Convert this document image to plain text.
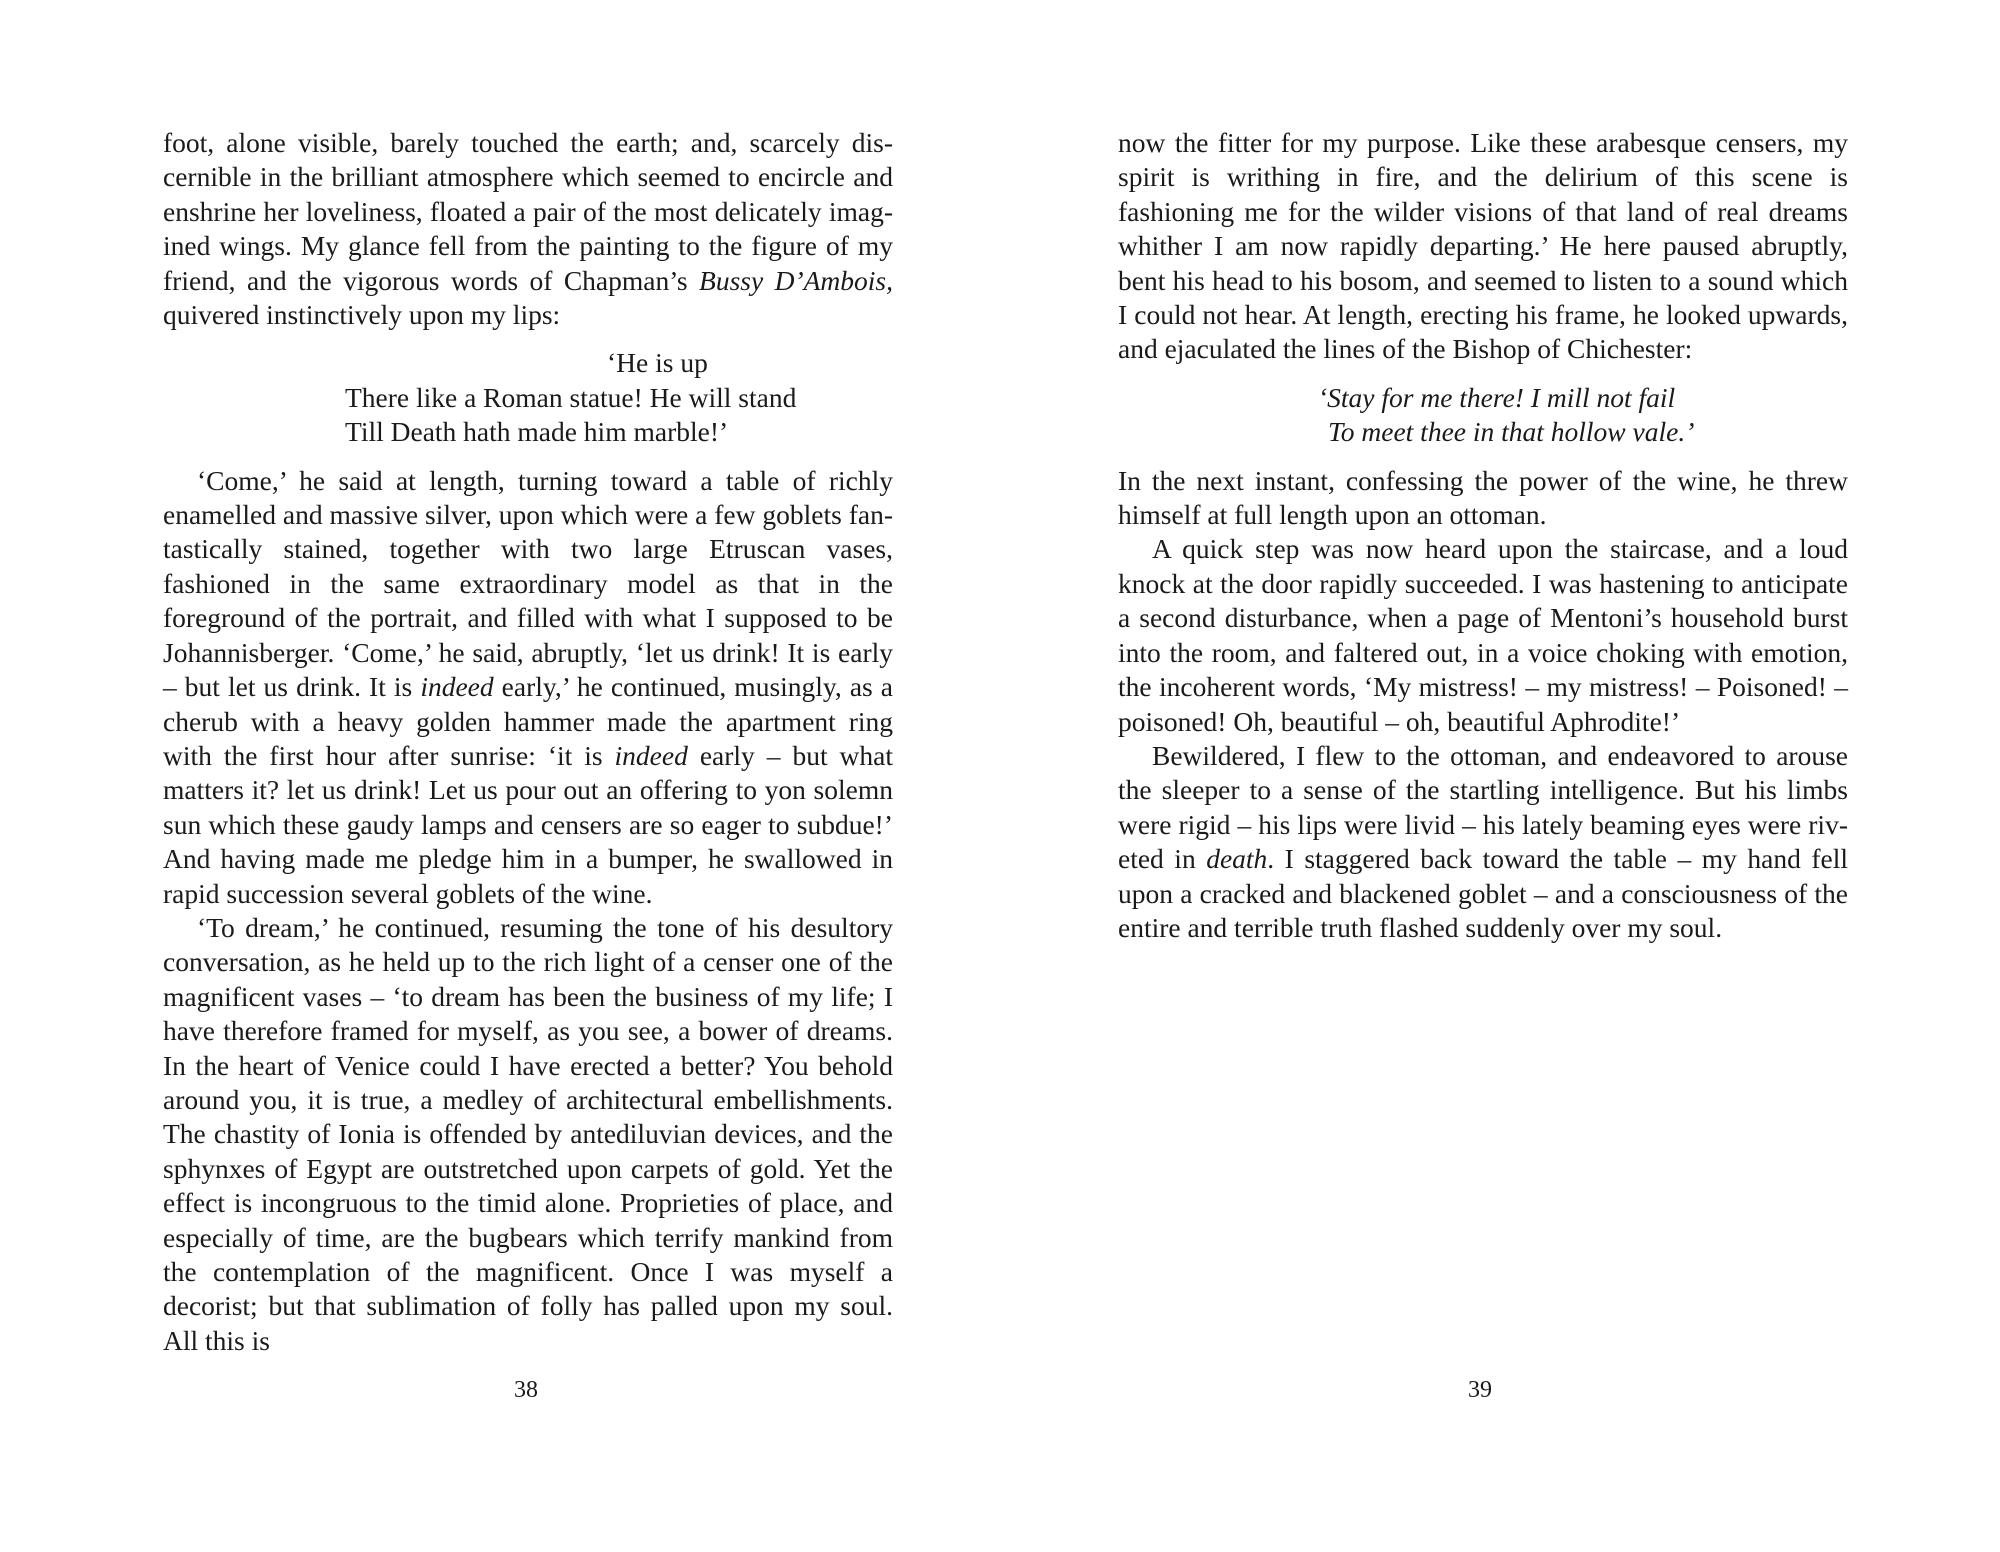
foot, alone visible, barely touched the earth; and, scarcely discernible in the brilliant atmosphere which seemed to encircle and enshrine her loveliness, floated a pair of the most delicately imagined wings. My glance fell from the painting to the figure of my friend, and the vigorous words of Chapman’s Bussy D’Ambois, quivered instinctively upon my lips:

‘He is up
There like a Roman statue! He will stand
Till Death hath made him marble!’

‘Come,’ he said at length, turning toward a table of richly enamelled and massive silver, upon which were a few goblets fantastically stained, together with two large Etruscan vases, fashioned in the same extraordinary model as that in the foreground of the portrait, and filled with what I supposed to be Johannisberger. ‘Come,’ he said, abruptly, ‘let us drink! It is early – but let us drink. It is indeed early,’ he continued, musingly, as a cherub with a heavy golden hammer made the apartment ring with the first hour after sunrise: ‘it is indeed early – but what matters it? let us drink! Let us pour out an offering to yon solemn sun which these gaudy lamps and censers are so eager to subdue!’ And having made me pledge him in a bumper, he swallowed in rapid succession several goblets of the wine.

‘To dream,’ he continued, resuming the tone of his desultory conversation, as he held up to the rich light of a censer one of the magnificent vases – ‘to dream has been the business of my life; I have therefore framed for myself, as you see, a bower of dreams. In the heart of Venice could I have erected a better? You behold around you, it is true, a medley of architectural embellishments. The chastity of Ionia is offended by antediluvian devices, and the sphynxes of Egypt are outstretched upon carpets of gold. Yet the effect is incongruous to the timid alone. Proprieties of place, and especially of time, are the bugbears which terrify mankind from the contemplation of the magnificent. Once I was myself a decorist; but that sublimation of folly has palled upon my soul. All this is

38

now the fitter for my purpose. Like these arabesque censers, my spirit is writhing in fire, and the delirium of this scene is fashioning me for the wilder visions of that land of real dreams whither I am now rapidly departing.’ He here paused abruptly, bent his head to his bosom, and seemed to listen to a sound which I could not hear. At length, erecting his frame, he looked upwards, and ejaculated the lines of the Bishop of Chichester:

‘Stay for me there! I mill not fail
To meet thee in that hollow vale.’

In the next instant, confessing the power of the wine, he threw himself at full length upon an ottoman.

A quick step was now heard upon the staircase, and a loud knock at the door rapidly succeeded. I was hastening to anticipate a second disturbance, when a page of Mentoni’s household burst into the room, and faltered out, in a voice choking with emotion, the incoherent words, ‘My mistress! – my mistress! – Poisoned! – poisoned! Oh, beautiful – oh, beautiful Aphrodite!’

Bewildered, I flew to the ottoman, and endeavored to arouse the sleeper to a sense of the startling intelligence. But his limbs were rigid – his lips were livid – his lately beaming eyes were riveted in death. I staggered back toward the table – my hand fell upon a cracked and blackened goblet – and a consciousness of the entire and terrible truth flashed suddenly over my soul.

39
